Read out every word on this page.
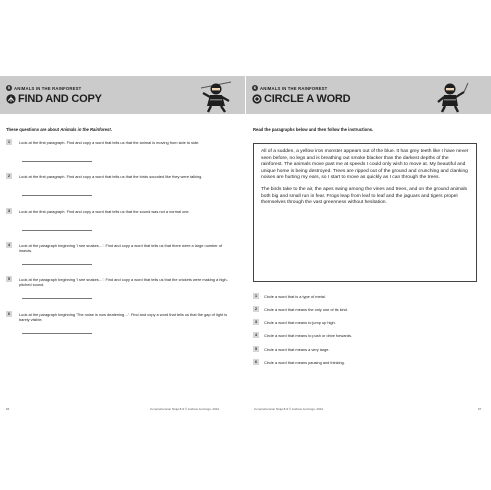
5 ANIMALS IN THE RAINFOREST
FIND AND COPY
These questions are about Animals in the Rainforest.
1	Look at the first paragraph. Find and copy a word that tells us that the animal is moving from side to side.
2	Look at the first paragraph. Find and copy a word that tells us that the birds sounded like they were talking.
3	Look at the first paragraph. Find and copy a word that tells us that the sound was not a normal one.
4	Look at the paragraph beginning 'I see snakes…'. Find and copy a word that tells us that there were a large number of insects.
5	Look at the paragraph beginning 'I see snakes…'. Find and copy a word that tells us that the crickets were making a high-pitched sound.
6	Look at the paragraph beginning 'The noise is now deafening…'. Find and copy a word that tells us that the gap of light is barely visible.
66	Comprehension Ninja 8-9 © Andrew Jennings, 2021
6 ANIMALS IN THE RAINFOREST
CIRCLE A WORD
Read the paragraphs below and then follow the instructions.

All of a sudden, a yellow iron monster appears out of the blue. It has grey teeth like I have never seen before, no legs and is breathing out smoke blacker than the darkest depths of the rainforest. The animals move past me at speeds I could only wish to move at. My beautiful and unique home is being destroyed. Trees are ripped out of the ground and crunching and clanking noises are hurting my ears, so I start to move as quickly as I can through the trees.

The birds take to the air, the apes swing among the vines and trees, and on the ground animals both big and small run in fear. Frogs leap from leaf to leaf and the jaguars and tigers propel themselves through the vast greenness without hesitation.

1	Circle a word that is a type of metal.
2	Circle a word that means the only one of its kind.
3	Circle a word that means to jump up high.
4	Circle a word that means to push or drive forwards.
5	Circle a word that means a very large.
6	Circle a word that means pausing and thinking.
Comprehension Ninja 8-9 © Andrew Jennings, 2021	67
